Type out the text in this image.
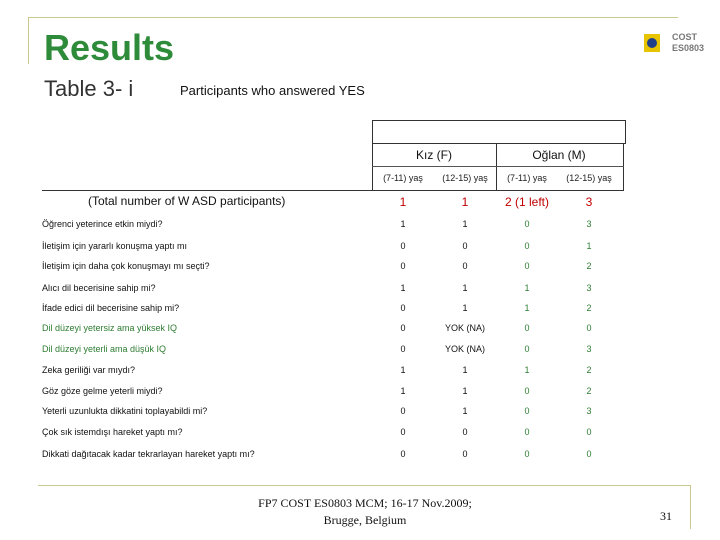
Results
Table 3- i	Participants who answered YES
COST
ES0803
Kız (F)	Oğlan (M)
(7-11) yaş	(12-15) yaş	(7-11) yaş	(12-15) yaş
(Total number of W ASD participants)	1	1	2 (1 left)	3
Öğrenci yeterince etkin miydi?	1	1	0	3
İletişim için yararlı konuşma yaptı mı	0	0	0	1
İletişim için daha çok konuşmayı mı seçti?	0	0	0	2
Alıcı dil becerisine sahip mi?	1	1	1	3
İfade edici dil becerisine sahip mi?	0	1	1	2
Dil düzeyi yetersiz ama yüksek IQ	0	YOK (NA)	0	0
Dil düzeyi yeterli ama düşük IQ	0	YOK (NA)	0	3
Zeka geriliği var mıydı?	1	1	1	2
Göz göze gelme yeterli miydi?	1	1	0	2
Yeterli uzunlukta dikkatini toplayabildi mi?	0	1	0	3
Çok sık istemdışı hareket yaptı mı?	0	0	0	0
Dikkati dağıtacak kadar tekrarlayan hareket yaptı mı?	0	0	0	0
FP7 COST ES0803 MCM; 16-17 Nov.2009;
Brugge, Belgium	31
